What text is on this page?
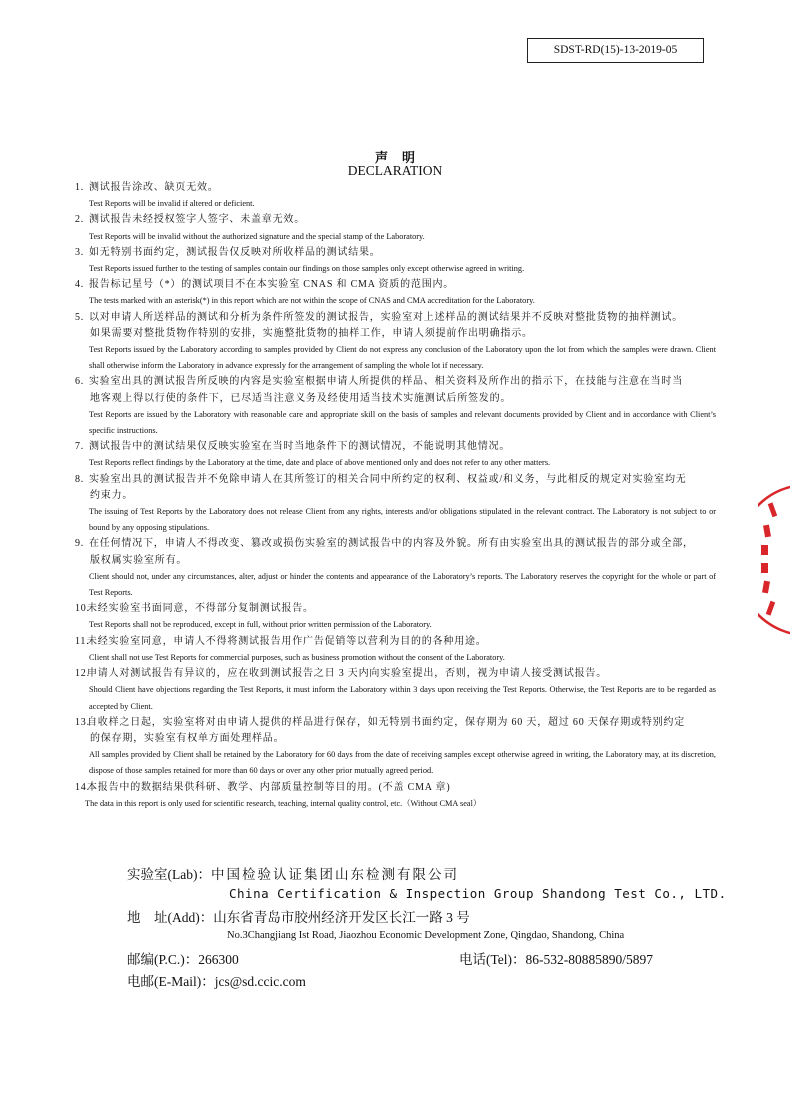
SDST-RD(15)-13-2019-05
声明
DECLARATION
1. 测试报告涂改、缺页无效。
Test Reports will be invalid if altered or deficient.
2. 测试报告未经授权签字人签字、未盖章无效。
Test Reports will be invalid without the authorized signature and the special stamp of the Laboratory.
3. 如无特别书面约定，测试报告仅反映对所收样品的测试结果。
Test Reports issued further to the testing of samples contain our findings on those samples only except otherwise agreed in writing.
4. 报告标记星号（*）的测试项目不在本实验室 CNAS 和 CMA 资质的范围内。
The tests marked with an asterisk(*) in this report which are not within the scope of CNAS and CMA accreditation for the Laboratory.
5. 以对申请人所送样品的测试和分析为条件所签发的测试报告，实验室对上述样品的测试结果并不反映对整批货物的抽样测试。
如果需要对整批货物作特别的安排，实施整批货物的抽样工作，申请人须提前作出明确指示。
Test Reports issued by the Laboratory according to samples provided by Client do not express any conclusion of the Laboratory upon the lot from which the samples were drawn. Client shall otherwise inform the Laboratory in advance expressly for the arrangement of sampling the whole lot if necessary.
6. 实验室出具的测试报告所反映的内容是实验室根据申请人所提供的样品、相关资料及所作出的指示下，在技能与注意在当时当
地客观上得以行使的条件下，已尽适当注意义务及经使用适当技术实施测试后所签发的。
Test Reports are issued by the Laboratory with reasonable care and appropriate skill on the basis of samples and relevant documents provided by Client and in accordance with Client’s specific instructions.
7. 测试报告中的测试结果仅反映实验室在当时当地条件下的测试情况，不能说明其他情况。
Test Reports reflect findings by the Laboratory at the time, date and place of above mentioned only and does not refer to any other matters.
8. 实验室出具的测试报告并不免除申请人在其所签订的相关合同中所约定的权利、权益或/和义务，与此相反的规定对实验室均无
约束力。
The issuing of Test Reports by the Laboratory does not release Client from any rights, interests and/or obligations stipulated in the relevant contract. The Laboratory is not subject to or bound by any opposing stipulations.
9. 在任何情况下，申请人不得改变、篡改或损伤实验室的测试报告中的内容及外貌。所有由实验室出具的测试报告的部分或全部，
版权属实验室所有。
Client should not, under any circumstances, alter, adjust or hinder the contents and appearance of the Laboratory’s reports. The Laboratory reserves the copyright for the whole or part of Test Reports.
10.未经实验室书面同意，不得部分复制测试报告。
Test Reports shall not be reproduced, except in full, without prior written permission of the Laboratory.
11.未经实验室同意，申请人不得将测试报告用作广告促销等以营利为目的的各种用途。
Client shall not use Test Reports for commercial purposes, such as business promotion without the consent of the Laboratory.
12.申请人对测试报告有异议的，应在收到测试报告之日 3 天内向实验室提出，否则，视为申请人接受测试报告。
Should Client have objections regarding the Test Reports, it must inform the Laboratory within 3 days upon receiving the Test Reports. Otherwise, the Test Reports are to be regarded as accepted by Client.
13.自收样之日起，实验室将对由申请人提供的样品进行保存，如无特别书面约定，保存期为 60 天，超过 60 天保存期或特别约定
的保存期，实验室有权单方面处理样品。
All samples provided by Client shall be retained by the Laboratory for 60 days from the date of receiving samples except otherwise agreed in writing, the Laboratory may, at its discretion, dispose of those samples retained for more than 60 days or over any other prior mutually agreed period.
14.本报告中的数据结果供科研、教学、内部质量控制等目的用。(不盖 CMA 章)
The data in this report is only used for scientific research, teaching, internal quality control, etc.（Without CMA seal）
实验室(Lab)：中国检验认证集团山东检测有限公司
China Certification & Inspection Group Shandong Test Co., LTD.
地　址(Add)：山东省青岛市胶州经济开发区长江一路 3 号
No.3Changjiang Ist Road, Jiaozhou Economic Development Zone, Qingdao, Shandong, China
邮编(P.C.)：266300	电话(Tel)：86-532-80885890/5897
电邮(E-Mail)：jcs@sd.ccic.com
